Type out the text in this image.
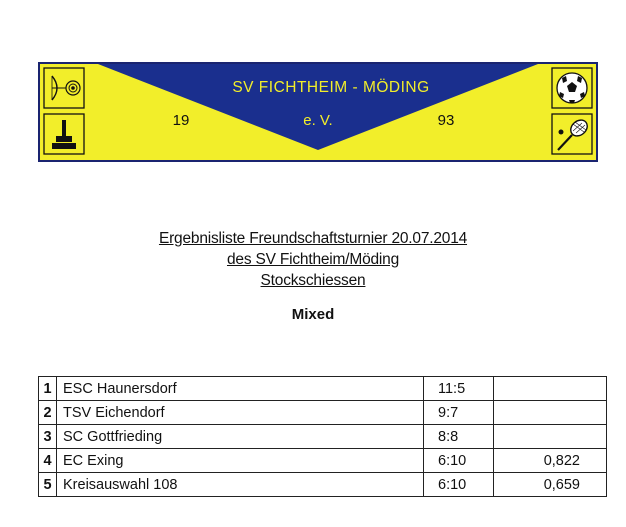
SV FICHTHEIM - MÖDING
19	e. V.	93
Ergebnisliste Freundschaftsturnier 20.07.2014
des SV Fichtheim/Möding
Stockschiessen
Mixed
1	ESC Haunersdorf	11:5	
2	TSV Eichendorf	9:7	
3	SC Gottfrieding	8:8	
4	EC Exing	6:10	0,822
5	Kreisauswahl 108	6:10	0,659
